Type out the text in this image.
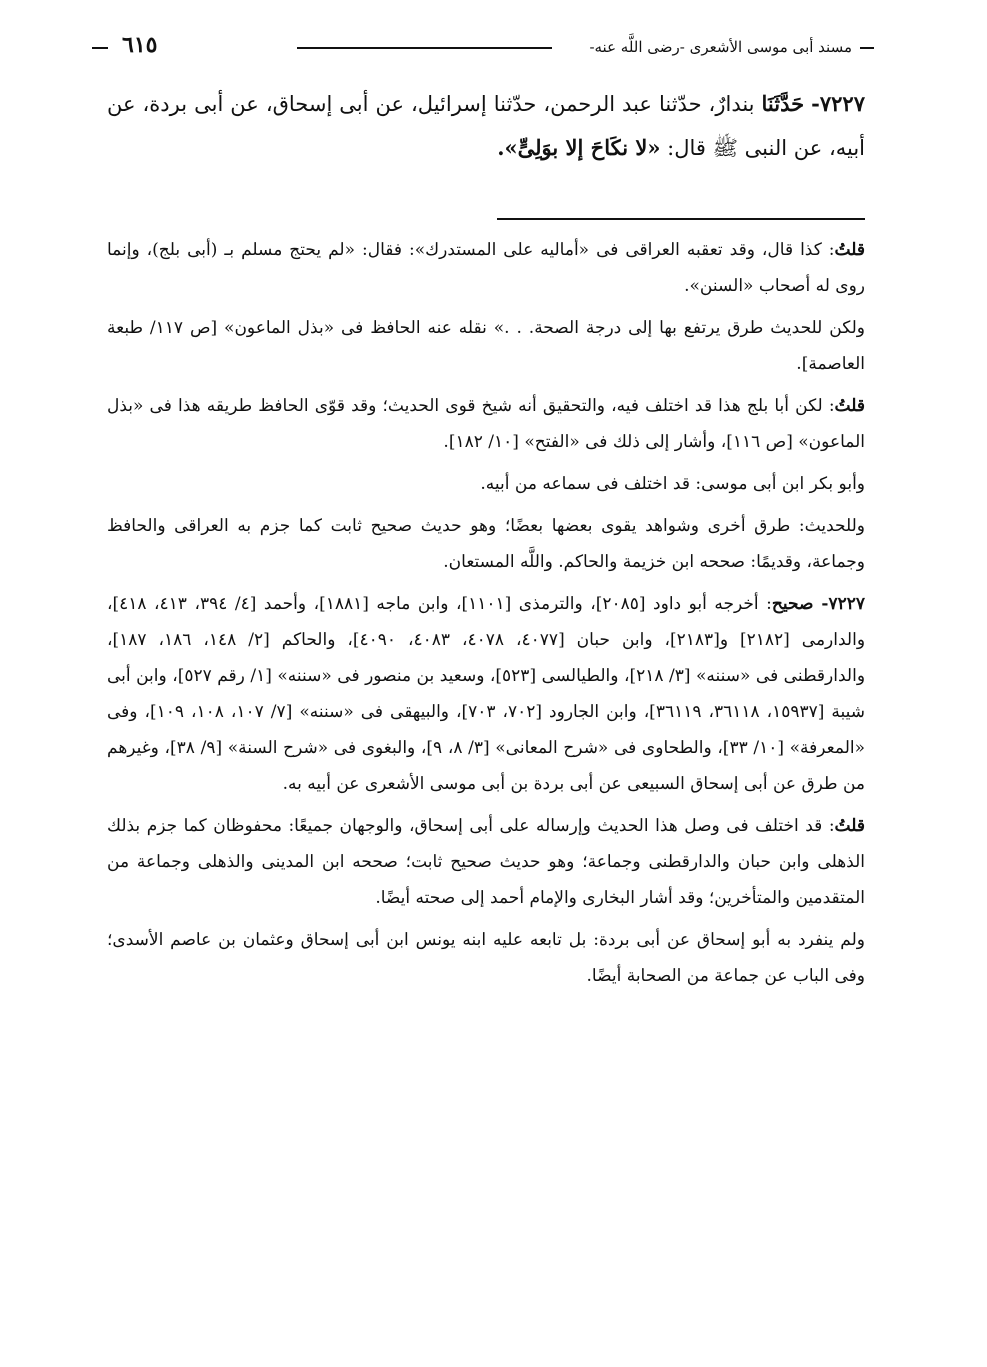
مسند أبى موسى الأشعرى -رضى اللَّه عنه-
٦١٥
٧٢٢٧- حَدَّثَنَا بندارٌ، حدّثنا عبد الرحمن، حدّثنا إسرائيل، عن أبى إسحاق، عن أبى بردة، عن أبيه، عن النبى ﷺ قال: «لا نكَاحَ إلا بوَلِىٍّ».

قلتُ: كذا قال، وقد تعقبه العراقى فى «أماليه على المستدرك»: فقال: «لم يحتج مسلم بـ (أبى بلج)، وإنما روى له أصحاب «السنن».

ولكن للحديث طرق يرتفع بها إلى درجة الصحة. . .» نقله عنه الحافظ فى «بذل الماعون» [ص ١١٧/ طبعة العاصمة].

قلتُ: لكن أبا بلج هذا قد اختلف فيه، والتحقيق أنه شيخ قوى الحديث؛ وقد قوّى الحافظ طريقه هذا فى «بذل الماعون» [ص ١١٦]، وأشار إلى ذلك فى «الفتح» [١٠/ ١٨٢].

وأبو بكر ابن أبى موسى: قد اختلف فى سماعه من أبيه.

وللحديث: طرق أخرى وشواهد يقوى بعضها بعضًا؛ وهو حديث صحيح ثابت كما جزم به العراقى والحافظ وجماعة، وقديمًا: صححه ابن خزيمة والحاكم. واللَّه المستعان.

٧٢٢٧- صحيح: أخرجه أبو داود [٢٠٨٥]، والترمذى [١١٠١]، وابن ماجه [١٨٨١]، وأحمد [٤/ ٣٩٤، ٤١٣، ٤١٨]، والدارمى [٢١٨٢] و[٢١٨٣]، وابن حبان [٤٠٧٧، ٤٠٧٨، ٤٠٨٣، ٤٠٩٠]، والحاكم [٢/ ١٤٨، ١٨٦، ١٨٧]، والدارقطنى فى «سننه» [٣/ ٢١٨]، والطيالسى [٥٢٣]، وسعيد بن منصور فى «سننه» [١/ رقم ٥٢٧]، وابن أبى شيبة [١٥٩٣٧، ٣٦١١٨، ٣٦١١٩]، وابن الجارود [٧٠٢، ٧٠٣]، والبيهقى فى «سننه» [٧/ ١٠٧، ١٠٨، ١٠٩]، وفى «المعرفة» [١٠/ ٣٣]، والطحاوى فى «شرح المعانى» [٣/ ٨، ٩]، والبغوى فى «شرح السنة» [٩/ ٣٨]، وغيرهم من طرق عن أبى إسحاق السبيعى عن أبى بردة بن أبى موسى الأشعرى عن أبيه به.

قلتُ: قد اختلف فى وصل هذا الحديث وإرساله على أبى إسحاق، والوجهان جميعًا: محفوظان كما جزم بذلك الذهلى وابن حبان والدارقطنى وجماعة؛ وهو حديث صحيح ثابت؛ صححه ابن المدينى والذهلى وجماعة من المتقدمين والمتأخرين؛ وقد أشار البخارى والإمام أحمد إلى صحته أيضًا.

ولم ينفرد به أبو إسحاق عن أبى بردة: بل تابعه عليه ابنه يونس ابن أبى إسحاق وعثمان بن عاصم الأسدى؛ وفى الباب عن جماعة من الصحابة أيضًا.
